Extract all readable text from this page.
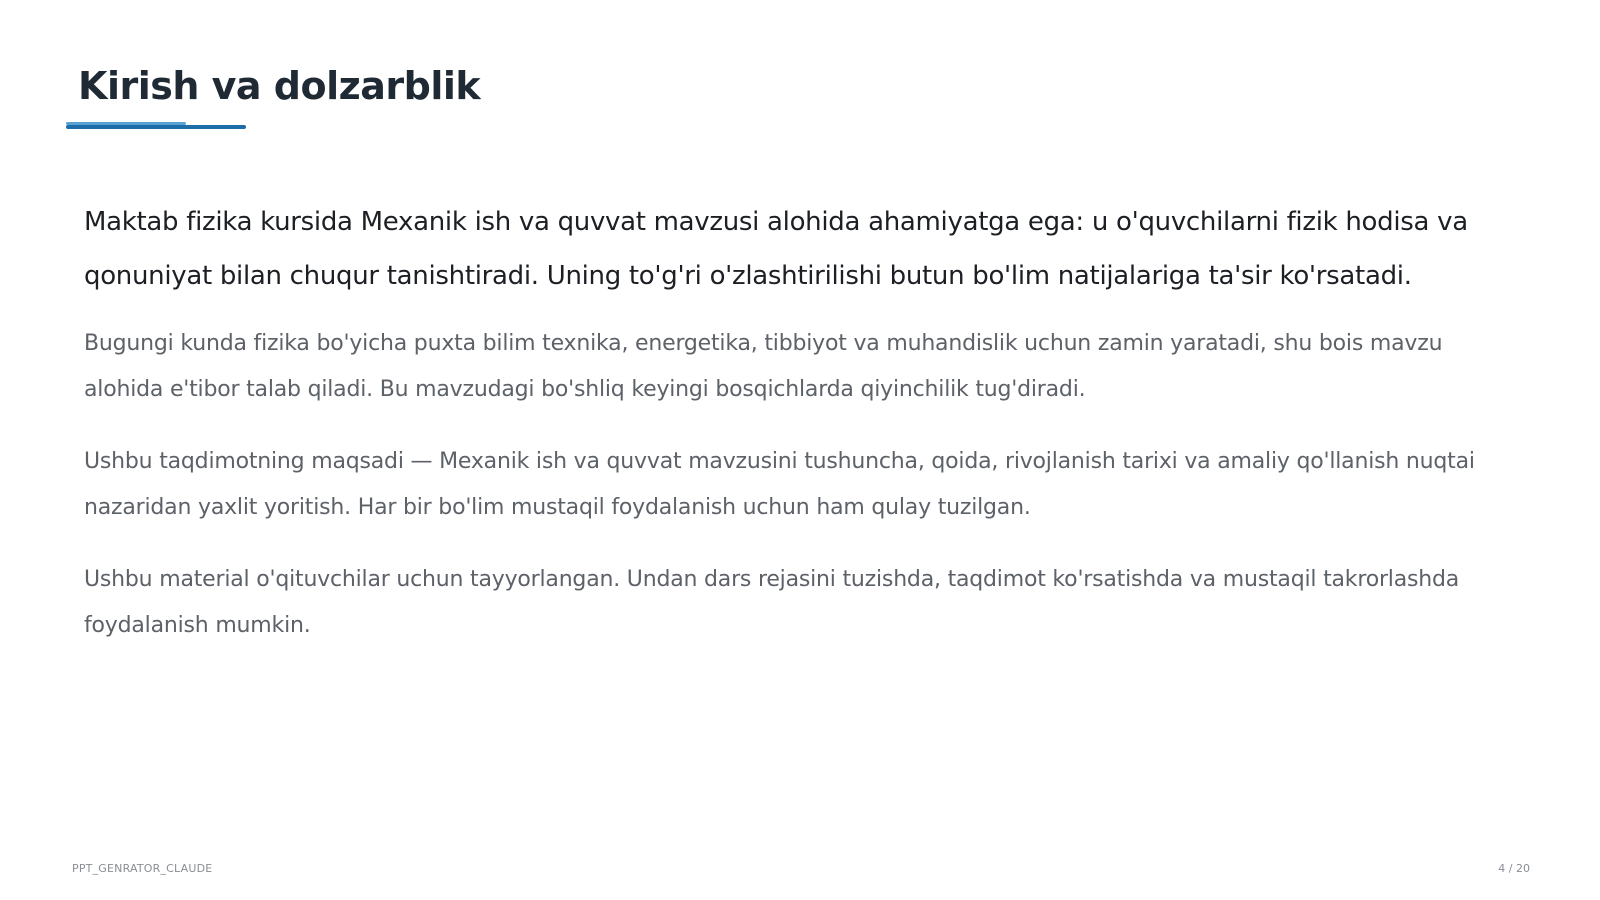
Kirish va dolzarblik

Maktab fizika kursida Mexanik ish va quvvat mavzusi alohida ahamiyatga ega: u o'quvchilarni fizik hodisa va qonuniyat bilan chuqur tanishtiradi. Uning to'g'ri o'zlashtirilishi butun bo'lim natijalariga ta'sir ko'rsatadi.

Bugungi kunda fizika bo'yicha puxta bilim texnika, energetika, tibbiyot va muhandislik uchun zamin yaratadi, shu bois mavzu alohida e'tibor talab qiladi. Bu mavzudagi bo'shliq keyingi bosqichlarda qiyinchilik tug'diradi.

Ushbu taqdimotning maqsadi — Mexanik ish va quvvat mavzusini tushuncha, qoida, rivojlanish tarixi va amaliy qo'llanish nuqtai nazaridan yaxlit yoritish. Har bir bo'lim mustaqil foydalanish uchun ham qulay tuzilgan.

Ushbu material o'qituvchilar uchun tayyorlangan. Undan dars rejasini tuzishda, taqdimot ko'rsatishda va mustaqil takrorlashda foydalanish mumkin.

PPT_GENRATOR_CLAUDE	4 / 20
